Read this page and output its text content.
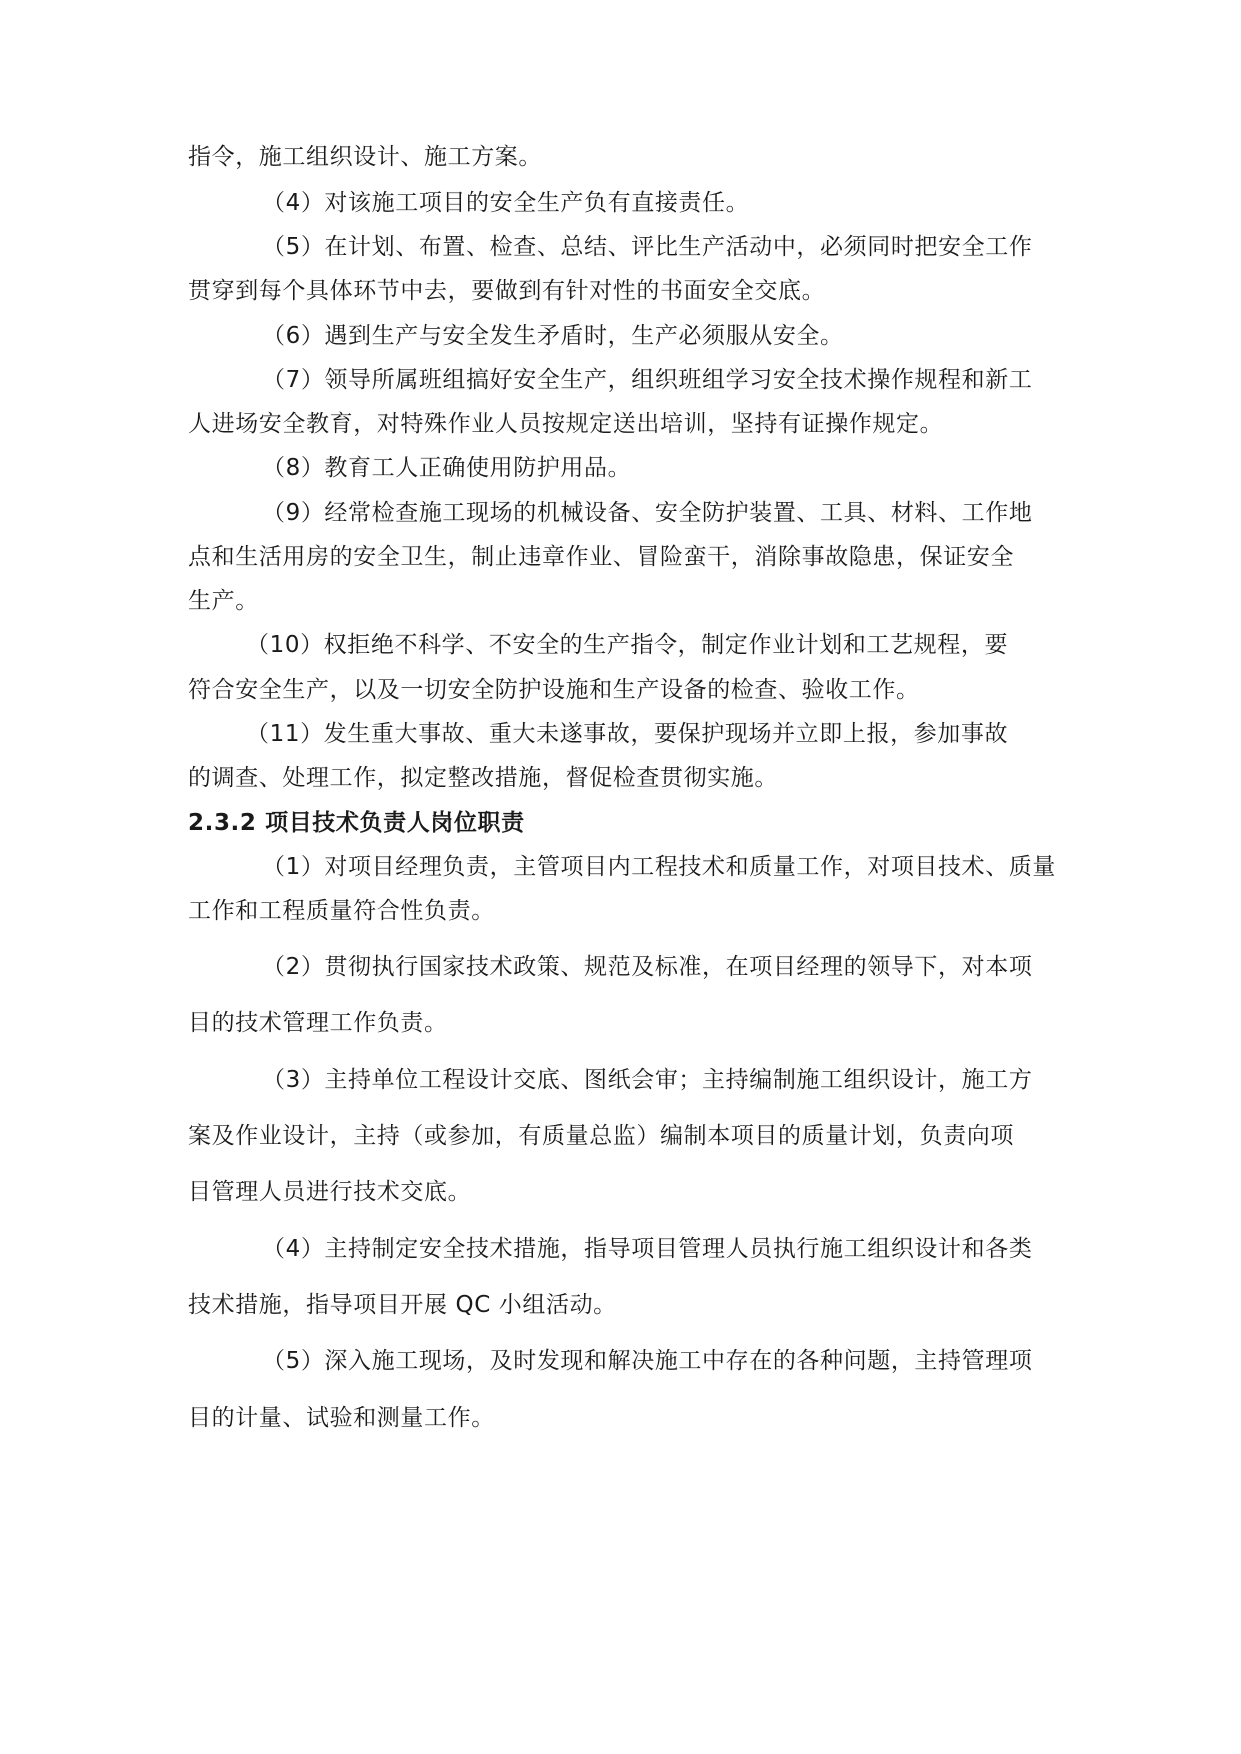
指令，施工组织设计、施工方案。
（4）对该施工项目的安全生产负有直接责任。
（5）在计划、布置、检查、总结、评比生产活动中，必须同时把安全工作
贯穿到每个具体环节中去，要做到有针对性的书面安全交底。
（6）遇到生产与安全发生矛盾时，生产必须服从安全。
（7）领导所属班组搞好安全生产，组织班组学习安全技术操作规程和新工
人进场安全教育，对特殊作业人员按规定送出培训，坚持有证操作规定。
（8）教育工人正确使用防护用品。
（9）经常检查施工现场的机械设备、安全防护装置、工具、材料、工作地
点和生活用房的安全卫生，制止违章作业、冒险蛮干，消除事故隐患，保证安全
生产。
（10）权拒绝不科学、不安全的生产指令，制定作业计划和工艺规程，要
符合安全生产，以及一切安全防护设施和生产设备的检查、验收工作。
（11）发生重大事故、重大未遂事故，要保护现场并立即上报，参加事故
的调查、处理工作，拟定整改措施，督促检查贯彻实施。
2.3.2 项目技术负责人岗位职责
（1）对项目经理负责，主管项目内工程技术和质量工作，对项目技术、质量
工作和工程质量符合性负责。
（2）贯彻执行国家技术政策、规范及标准，在项目经理的领导下，对本项
目的技术管理工作负责。
（3）主持单位工程设计交底、图纸会审；主持编制施工组织设计，施工方
案及作业设计，主持（或参加，有质量总监）编制本项目的质量计划，负责向项
目管理人员进行技术交底。
（4）主持制定安全技术措施，指导项目管理人员执行施工组织设计和各类
技术措施，指导项目开展 QC 小组活动。
（5）深入施工现场，及时发现和解决施工中存在的各种问题，主持管理项
目的计量、试验和测量工作。
